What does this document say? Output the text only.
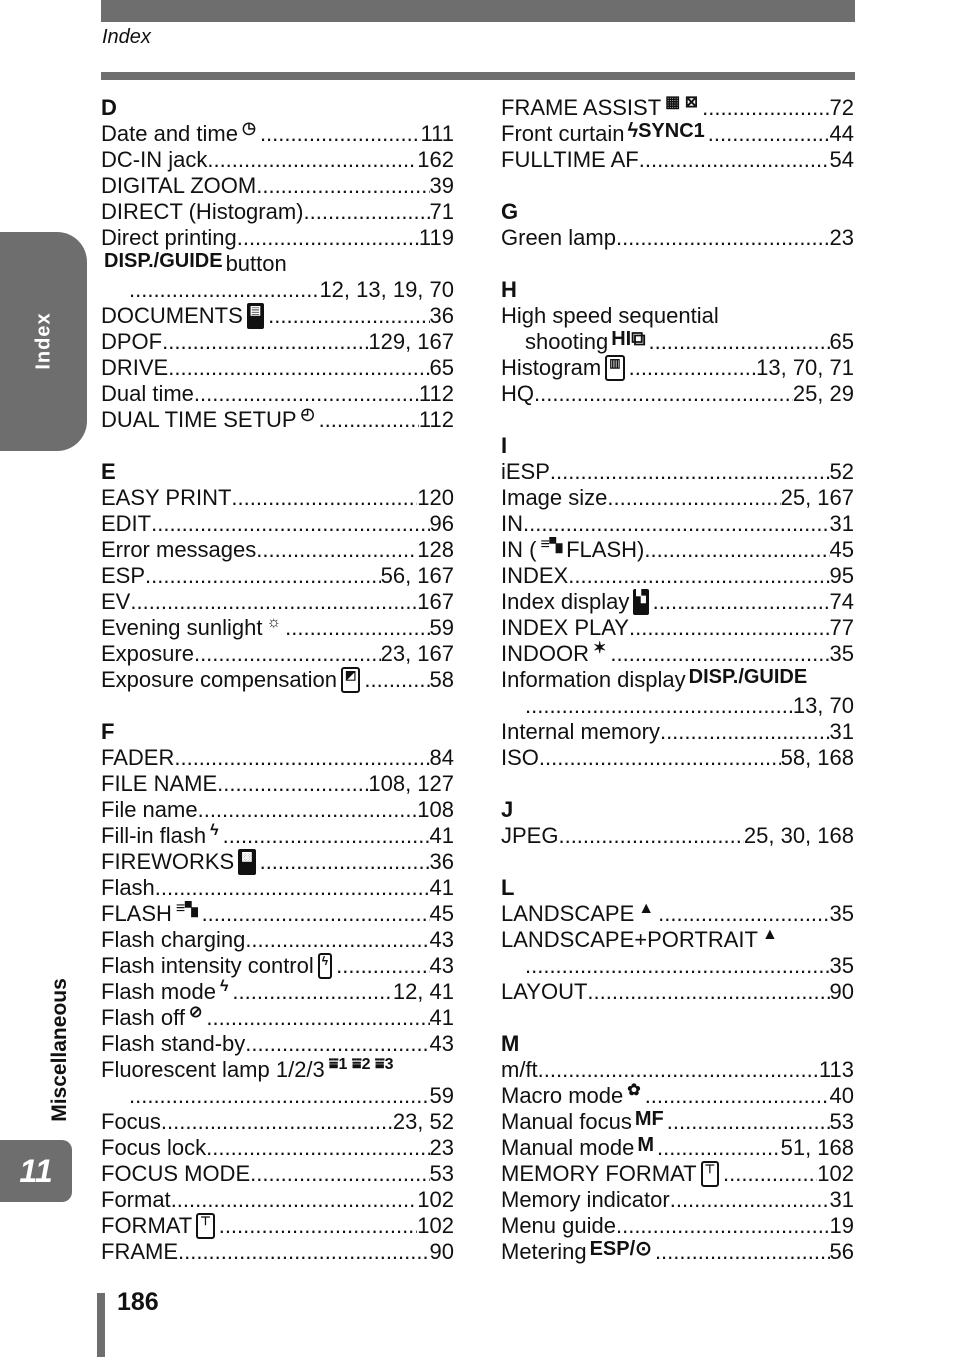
Index
Index
Miscellaneous
11
D
Date and time ◷ .....	111
DC-IN jack .....	162
DIGITAL ZOOM .....	39
DIRECT (Histogram) .....	71
Direct printing .....	119
DISP./GUIDE button
.....
12, 13, 19, 70
DOCUMENTS ▤ .....	36
DPOF .....	129, 167
DRIVE .....	65
Dual time .....	112
DUAL TIME SETUP ◴ .....	112
E
EASY PRINT .....	120
EDIT .....	96
Error messages .....	128
ESP .....	56, 167
EV .....	167
Evening sunlight ☼ .....	59
Exposure .....	23, 167
Exposure compensation ◩ .....	58
F
FADER .....	84
FILE NAME .....	108, 127
File name .....	108
Fill-in flash ϟ .....	41
FIREWORKS ▩ .....	36
Flash .....	41
FLASH ≡▚ .....	45
Flash charging .....	43
Flash intensity control ϟ .....	43
Flash mode ϟ .....	12, 41
Flash off ⊘ .....	41
Flash stand-by .....	43
Fluorescent lamp 1/2/3 ⩸1 ⩸2 ⩸3
.....
59
Focus .....	23, 52
Focus lock .....	23
FOCUS MODE .....	53
Format .....	102
FORMAT ⊤ .....	102
FRAME .....	90
FRAME ASSIST ▦ ⊠ .....	72
Front curtain ϟSYNC1 .....	44
FULLTIME AF .....	54
G
Green lamp .....	23
H
High speed sequential
shooting HI⧉ .....	65
Histogram ▥ .....	13, 70, 71
HQ .....	25, 29
I
iESP .....	52
Image size .....	25, 167
IN .....	31
IN ( ≡▚ FLASH) .....	45
INDEX .....	95
Index display ▚ .....	74
INDEX PLAY .....	77
INDOOR ✶ .....	35
Information display DISP./GUIDE
.....
13, 70
Internal memory .....	31
ISO .....	58, 168
J
JPEG .....	25, 30, 168
L
LANDSCAPE ▲ .....	35
LANDSCAPE+PORTRAIT ▲
.....
35
LAYOUT .....	90
M
m/ft .....	113
Macro mode ✿ .....	40
Manual focus MF .....	53
Manual mode M .....	51, 168
MEMORY FORMAT ⊤ .....	102
Memory indicator .....	31
Menu guide .....	19
Metering ESP/⊙ .....	56
186
